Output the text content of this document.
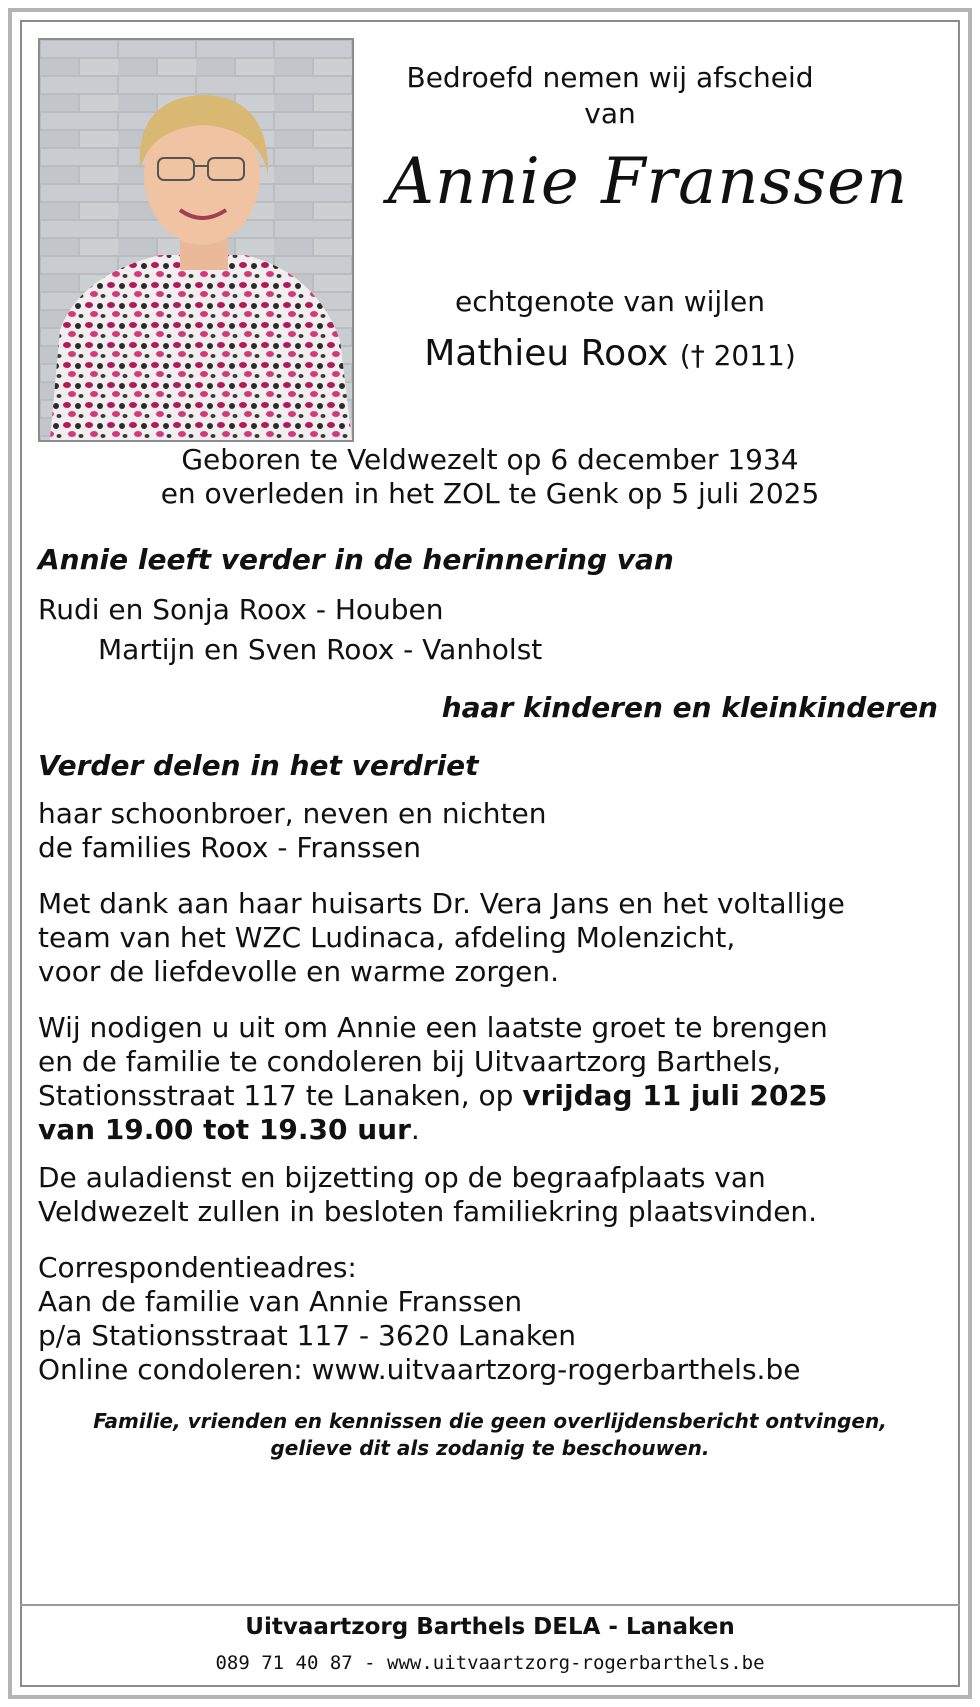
Bedroefd nemen wij afscheid van
Annie Franssen
echtgenote van wijlen
Mathieu Roox († 2011)
Geboren te Veldwezelt op 6 december 1934
en overleden in het ZOL te Genk op 5 juli 2025
Annie leeft verder in de herinnering van
Rudi en Sonja Roox - Houben
Martijn en Sven Roox - Vanholst
haar kinderen en kleinkinderen
Verder delen in het verdriet
haar schoonbroer, neven en nichten
de families Roox - Franssen
Met dank aan haar huisarts Dr. Vera Jans en het voltallige
team van het WZC Ludinaca, afdeling Molenzicht,
voor de liefdevolle en warme zorgen.
Wij nodigen u uit om Annie een laatste groet te brengen
en de familie te condoleren bij Uitvaartzorg Barthels,
Stationsstraat 117 te Lanaken, op vrijdag 11 juli 2025
van 19.00 tot 19.30 uur.
De auladienst en bijzetting op de begraafplaats van
Veldwezelt zullen in besloten familiekring plaatsvinden.
Correspondentieadres:
Aan de familie van Annie Franssen
p/a Stationsstraat 117 - 3620 Lanaken
Online condoleren: www.uitvaartzorg-rogerbarthels.be
Familie, vrienden en kennissen die geen overlijdensbericht ontvingen,
gelieve dit als zodanig te beschouwen.
Uitvaartzorg Barthels DELA - Lanaken
089 71 40 87 - www.uitvaartzorg-rogerbarthels.be
